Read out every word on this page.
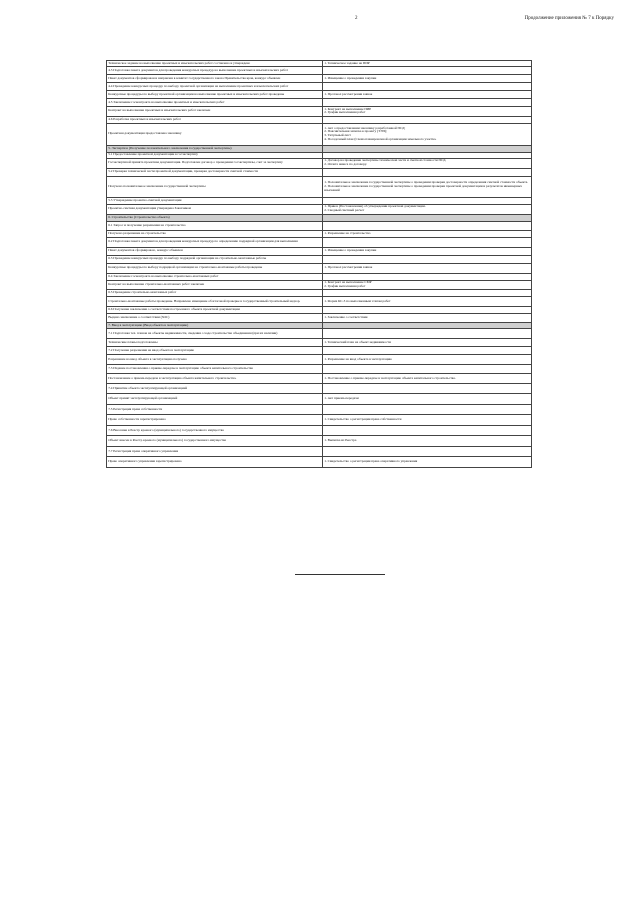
2	Продолжение приложения № 7 к Порядку
Техническое задание на выполнение проектных и изыскательских работ составлено и утверждено	1. Техническое задание на ПИР
4.3 Подготовка пакета документов для проведения конкурсных процедур на выполнение проектных и изыскательских работ	
Пакет документов сформирован и направлен в комитет государственного заказа Правительства края, конкурс объявлен	1. Извещение о проведении закупки
4.4 Проведение конкурсных процедур по выбору проектной организации на выполнение проектных и изыскательских работ	
Конкурсные процедуры по выбору проектной организации на выполнение проектных и изыскательских работ проведены	1. Протокол рассмотрения заявок
4.5 Заключение госконтракта на выполнение проектных и изыскательских работ	
Контракт на выполнение проектных и изыскательских работ заключен	1. Контракт на выполнение ПИР
2. График выполнения работ
4.6 Разработка проектных и изыскательских работ	
Проектная документация предоставлена заказчику	1. Акт о предоставлении заказчику разработанной ПСД;
2. Пояснительная записка к проекту (ТЭП);
3. Титульный лист
4. Посадочный план (Схема планировочной организации земельного участка.
5. Экспертиза (Получение положительного заключения государственной экспертизы)	
5.1 Предоставление проектной документации в госэкспертизу	
Госэкспертизой принята проектная документация. Подготовлен договор о проведении госэкспертизы, счет за экспертизу	1. Договор на проведение экспертизы технической части и сметной стоимости ПСД.
2. Оплата аванса по договору.
5.2 Проверка технической части проектной документации, проверка достоверности сметной стоимости	
Получено положительное заключение государственной экспертизы	1. Положительное заключение государственной экспертизы о проведении проверки достоверности определения сметной стоимости объекта.
2. Положительное заключение государственной экспертизы о проведении проверки проектной документации и результатов инженерных изысканий
5.3 Утверждение проектно-сметной документации	
Проектно-сметная документация утверждена Заказчиком	1. Приказ (Постановление) об утверждении проектной документации.
2. Сводный сметный расчет
6. Строительство (Строительство объекта)	
6.1 Запрос и получение разрешения на строительство	
Получено разрешение на строительство	1. Разрешение на строительство
6.2 Подготовка пакета документов для проведения конкурсных процедур по определению подрядной организации для выполнения	
Пакет документов сформирован , конкурс объявлен	1. Извещение о проведении закупки
6.3 Проведение конкурсных процедур по выбору подрядной организации на строительно-монтажные работы	
Конкурсные процедуры по выбору подрядной организации на строительно-монтажные работы проведены	1. Протокол рассмотрения заявок
6.4 Заключение госконтракта на выполнение строительно-монтажных работ	
Контракт на выполнение строительно-монтажных работ заключен	1. Контракт на выполнение СМР
2. График выполнения работ
6.5 Проведение строительно-монтажных работ	
Строительно-монтажные работы проведены. Направлено извещение об итоговой проверке в государственный строительный надзор.	1. Форма КС-3 по выполненным этапам работ
6.6 Получение заключения о соответствии построенного объекта проектной документации	
Выдано заключение о соответствии (ЗОС)	1. Заключение о соответствии
7. Ввод в эксплуатацию (Ввод объекта в эксплуатацию)	
7.1 Подготовка тех. планов на объекты недвижимости, сведения о ходе строительства объединения (при их наличии)	
Технические планы подготовлены	1. Технический план на объект недвижимости
7.2 Получение разрешения на ввод объекта в эксплуатацию	
Разрешение на ввод объекта в эксплуатацию получено	1. Разрешение на ввод объекта в эксплуатацию
7.3 Издание постановления о приеме-передаче в эксплуатацию объекта капитального строительства	
Постановление о приеме-передаче в эксплуатацию объекта капитального строительства.	1. Постановление о приеме-передаче в эксплуатацию объекта капитального строительства.
7.4 Принятие объекта эксплуатирующей организацией	
Объект принят эксплуатирующей организацией	1. Акт приема-передачи
7.5 Регистрация права собственности	
Право собственности зарегистрировано	1. Свидетельство о регистрации права собственности
7.6 Внесение в Реестр краевого (муниципального) государственного имущества	
Объект внесен в Реестр краевого (муниципального) государственного имущества	1. Выписка из Реестра
7.7 Регистрация права оперативного управления	
Право оперативного управления зарегистрировано	1. Свидетельство о регистрации права оперативного управления
